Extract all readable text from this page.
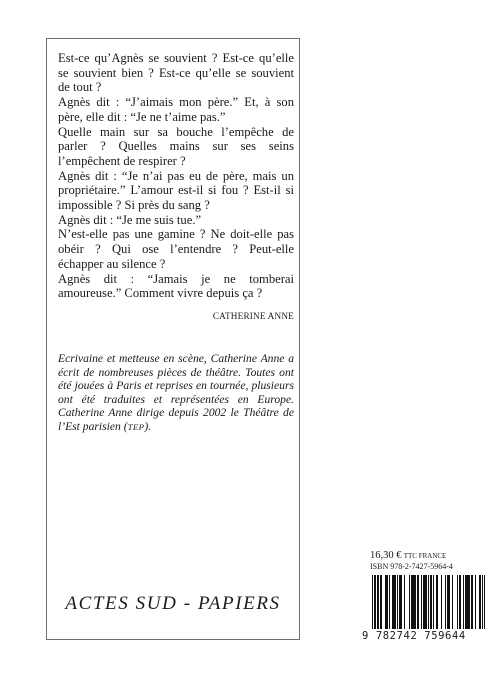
Est-ce qu’Agnès se souvient ? Est-ce qu’elle se souvient bien ? Est-ce qu’elle se souvient de tout ?

Agnès dit : “J’aimais mon père.” Et, à son père, elle dit : “Je ne t’aime pas.”

Quelle main sur sa bouche l’empêche de parler ? Quelles mains sur ses seins l’empêchent de respirer ?

Agnès dit : “Je n’ai pas eu de père, mais un propriétaire.” L’amour est-il si fou ? Est-il si impossible ? Si près du sang ?

Agnès dit : “Je me suis tue.”

N’est-elle pas une gamine ? Ne doit-elle pas obéir ? Qui ose l’entendre ? Peut-elle échapper au silence ?

Agnès dit : “Jamais je ne tomberai amoureuse.” Comment vivre depuis ça ?

CATHERINE ANNE
Ecrivaine et metteuse en scène, Catherine Anne a écrit de nombreuses pièces de théâtre. Toutes ont été jouées à Paris et reprises en tournée, plusieurs ont été traduites et représentées en Europe. Catherine Anne dirige depuis 2002 le Théâtre de l’Est parisien (TEP).
ACTES SUD - PAPIERS
16,30 € TTC FRANCE
ISBN 978-2-7427-5964-4
9 782742 759644
